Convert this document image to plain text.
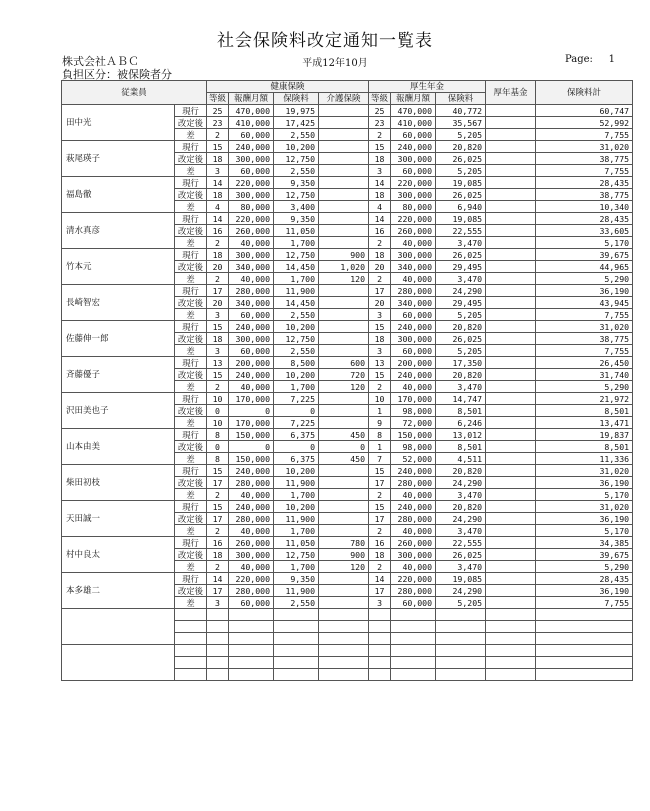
社会保険料改定通知一覧表
株式会社ＡＢＣ	平成12年10月	Page: 1
負担区分：被保険者分
従業員		健康保険				厚生年金			厚年基金	保険料計
		等級	報酬月額	保険料	介護保険	等級	報酬月額	保険料		
田中光	現行	25	470,000	19,975		25	470,000	40,772		60,747
	改定後	23	410,000	17,425		23	410,000	35,567		52,992
	差	2	60,000	2,550		2	60,000	5,205		7,755
萩尾瑛子	現行	15	240,000	10,200		15	240,000	20,820		31,020
	改定後	18	300,000	12,750		18	300,000	26,025		38,775
	差	3	60,000	2,550		3	60,000	5,205		7,755
福島徹	現行	14	220,000	9,350		14	220,000	19,085		28,435
	改定後	18	300,000	12,750		18	300,000	26,025		38,775
	差	4	80,000	3,400		4	80,000	6,940		10,340
清水真彦	現行	14	220,000	9,350		14	220,000	19,085		28,435
	改定後	16	260,000	11,050		16	260,000	22,555		33,605
	差	2	40,000	1,700		2	40,000	3,470		5,170
竹本元	現行	18	300,000	12,750	900	18	300,000	26,025		39,675
	改定後	20	340,000	14,450	1,020	20	340,000	29,495		44,965
	差	2	40,000	1,700	120	2	40,000	3,470		5,290
長崎智宏	現行	17	280,000	11,900		17	280,000	24,290		36,190
	改定後	20	340,000	14,450		20	340,000	29,495		43,945
	差	3	60,000	2,550		3	60,000	5,205		7,755
佐藤伸一郎	現行	15	240,000	10,200		15	240,000	20,820		31,020
	改定後	18	300,000	12,750		18	300,000	26,025		38,775
	差	3	60,000	2,550		3	60,000	5,205		7,755
斉藤優子	現行	13	200,000	8,500	600	13	200,000	17,350		26,450
	改定後	15	240,000	10,200	720	15	240,000	20,820		31,740
	差	2	40,000	1,700	120	2	40,000	3,470		5,290
沢田美也子	現行	10	170,000	7,225		10	170,000	14,747		21,972
	改定後	0	0	0		1	98,000	8,501		8,501
	差	10	170,000	7,225		9	72,000	6,246		13,471
山本由美	現行	8	150,000	6,375	450	8	150,000	13,012		19,837
	改定後	0	0	0	0	1	98,000	8,501		8,501
	差	8	150,000	6,375	450	7	52,000	4,511		11,336
柴田初枝	現行	15	240,000	10,200		15	240,000	20,820		31,020
	改定後	17	280,000	11,900		17	280,000	24,290		36,190
	差	2	40,000	1,700		2	40,000	3,470		5,170
天田誠一	現行	15	240,000	10,200		15	240,000	20,820		31,020
	改定後	17	280,000	11,900		17	280,000	24,290		36,190
	差	2	40,000	1,700		2	40,000	3,470		5,170
村中良太	現行	16	260,000	11,050	780	16	260,000	22,555		34,385
	改定後	18	300,000	12,750	900	18	300,000	26,025		39,675
	差	2	40,000	1,700	120	2	40,000	3,470		5,290
本多雄二	現行	14	220,000	9,350		14	220,000	19,085		28,435
	改定後	17	280,000	11,900		17	280,000	24,290		36,190
	差	3	60,000	2,550		3	60,000	5,205		7,755
